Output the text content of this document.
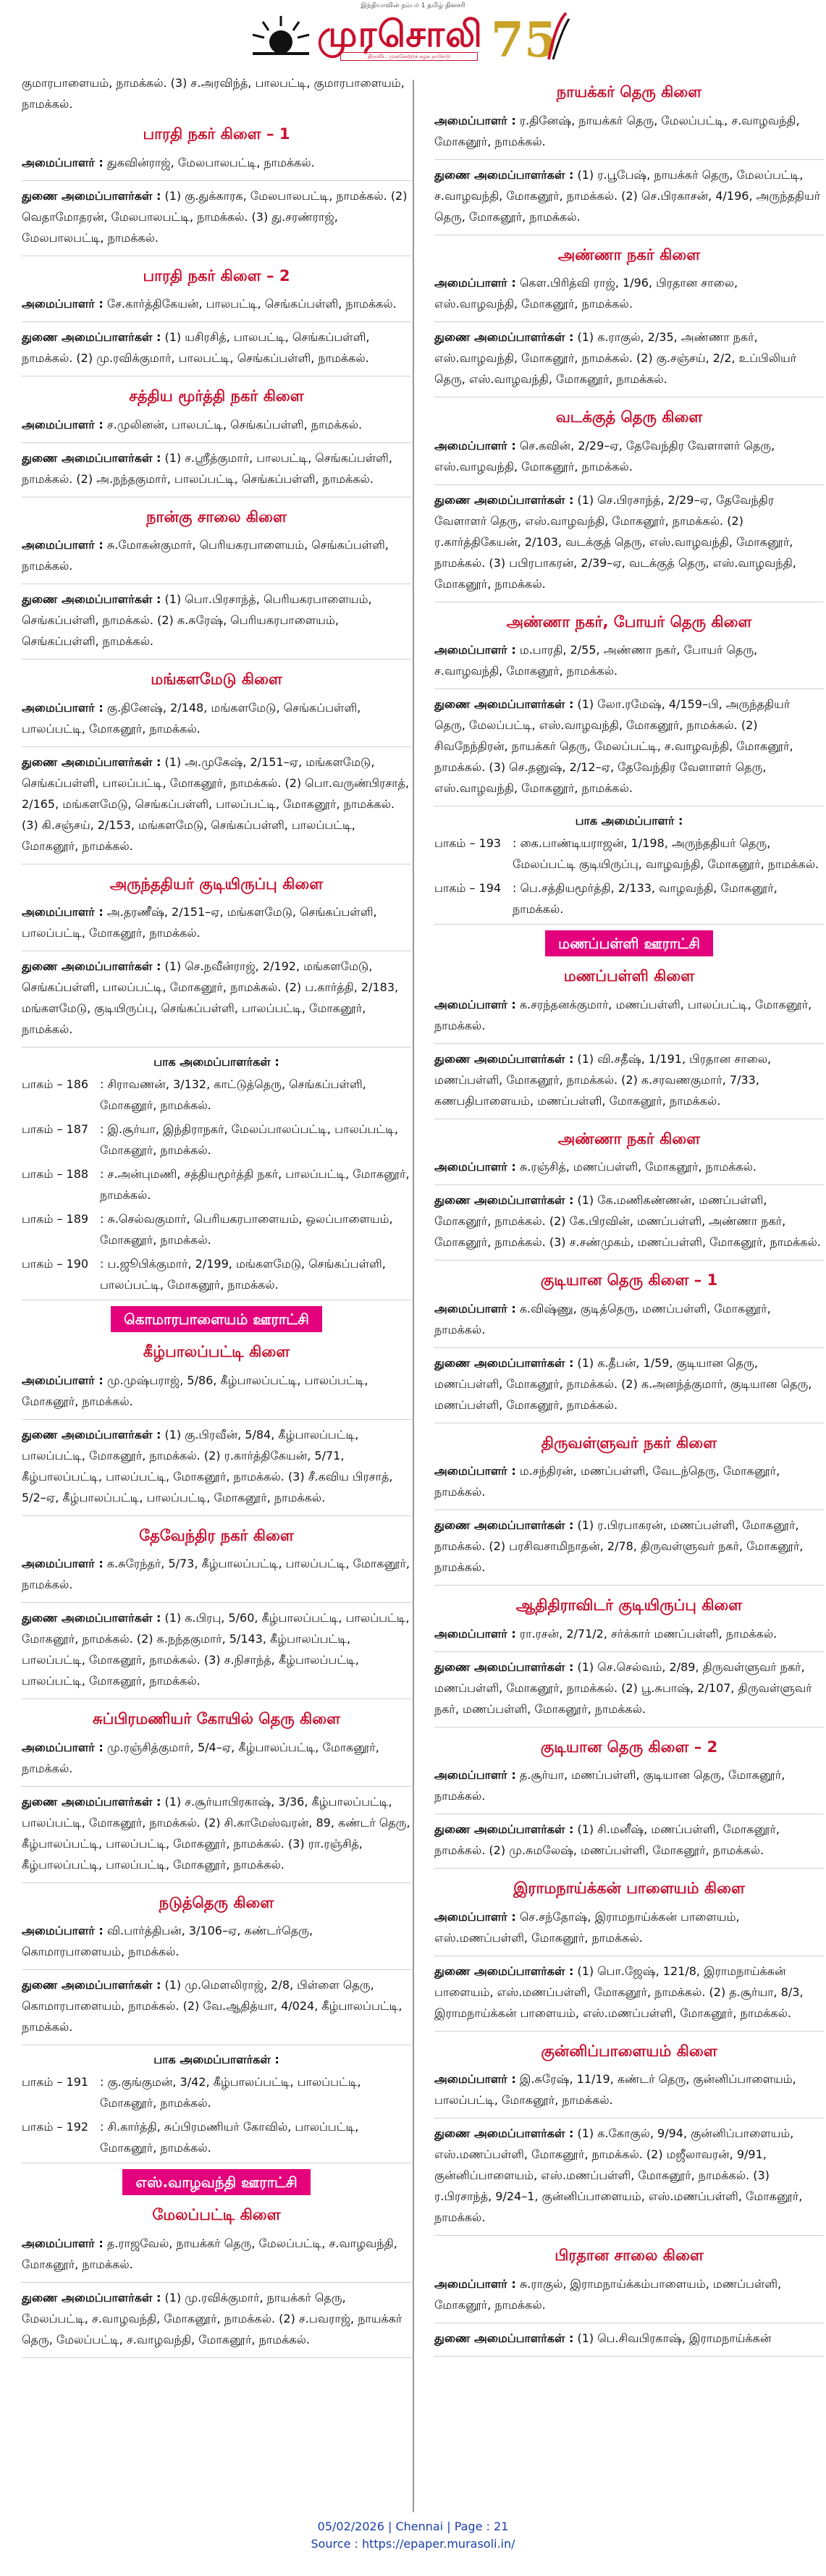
இந்தியாவின் நம்பர் 1 தமிழ் தினசரி
முரசொலி
திராவிட முன்னேற்றக் கழக நாளேடு 75
குமாரபாளையம், நாமக்கல். (3) ச.அரவிந்த், பாலபட்டி, குமாரபாளையம், நாமக்கல்.
பாரதி நகர் கிளை – 1
அமைப்பாளர் : துகவின்ராஜ், மேலபாலபட்டி, நாமக்கல்.
துணை அமைப்பாளர்கள் : (1) கு.துக்காரக, மேலபாலபட்டி, நாமக்கல். (2) வெதாமோதரன், மேலபாலபட்டி, நாமக்கல். (3) து.சரண்ராஜ், மேலபாலபட்டி, நாமக்கல்.
பாரதி நகர் கிளை – 2
அமைப்பாளர் : சே.கார்த்திகேயன், பாலபட்டி, செங்கப்பள்ளி, நாமக்கல்.
துணை அமைப்பாளர்கள் : (1) யசிரசித், பாலபட்டி, செங்கப்பள்ளி, நாமக்கல். (2) மு.ரவிக்குமார், பாலபட்டி, செங்கப்பள்ளி, நாமக்கல்.
சத்திய மூர்த்தி நகர் கிளை
அமைப்பாளர் : ச.முலினன், பாலபட்டி, செங்கப்பள்ளி, நாமக்கல்.
துணை அமைப்பாளர்கள் : (1) ச.ஸ்ரீத்குமார், பாலபட்டி, செங்கப்பள்ளி, நாமக்கல். (2) அ.நந்தகுமார், பாலப்பட்டி, செங்கப்பள்ளி, நாமக்கல்.
நான்கு சாலை கிளை
அமைப்பாளர் : சு.மோகன்குமார், பெரியகரபாளையம், செங்கப்பள்ளி, நாமக்கல்.
துணை அமைப்பாளர்கள் : (1) பொ.பிரசாந்த், பெரியகரபாளையம், செங்கப்பள்ளி, நாமக்கல். (2) க.சுரேஷ், பெரியகரபாளையம், செங்கப்பள்ளி, நாமக்கல்.
மங்களமேடு கிளை
அமைப்பாளர் : கு.தினேஷ், 2/148, மங்களமேடு, செங்கப்பள்ளி, பாலப்பட்டி, மோகனூர், நாமக்கல்.
துணை அமைப்பாளர்கள் : (1) அ.முகேஷ், 2/151–ஏ, மங்களமேடு, செங்கப்பள்ளி, பாலப்பட்டி, மோகனூர், நாமக்கல். (2) பொ.வருண்பிரசாத், 2/165, மங்களமேடு, செங்கப்பள்ளி, பாலப்பட்டி, மோகனூர், நாமக்கல். (3) கி.சஞ்சய், 2/153, மங்களமேடு, செங்கப்பள்ளி, பாலப்பட்டி, மோகனூர், நாமக்கல்.
அருந்ததியர் குடியிருப்பு கிளை
அமைப்பாளர் : அ.தரணீஷ், 2/151–ஏ, மங்களமேடு, செங்கப்பள்ளி, பாலப்பட்டி, மோகனூர், நாமக்கல்.
துணை அமைப்பாளர்கள் : (1) செ.நவீன்ராஜ், 2/192, மங்களமேடு, செங்கப்பள்ளி, பாலப்பட்டி, மோகனூர், நாமக்கல். (2) ப.கார்த்தி, 2/183, மங்களமேடு, குடியிருப்பு, செங்கப்பள்ளி, பாலப்பட்டி, மோகனூர், நாமக்கல்.
பாக அமைப்பாளர்கள் :
பாகம் – 186 : சிராவணன், 3/132, காட்டுத்தெரு, செங்கப்பள்ளி, மோகனூர், நாமக்கல்.
பாகம் – 187 : இ.சூர்யா, இந்திராநகர், மேலப்பாலப்பட்டி, பாலப்பட்டி, மோகனூர், நாமக்கல்.
பாகம் – 188 : ச.அன்புமணி, சத்தியமூர்த்தி நகர், பாலப்பட்டி, மோகனூர், நாமக்கல்.
பாகம் – 189 : சு.செல்வகுமார், பெரியகரபாளையம், ஒலப்பாளையம், மோகனூர், நாமக்கல்.
பாகம் – 190 : ப.ஜூபிக்குமார், 2/199, மங்களமேடு, செங்கப்பள்ளி, பாலப்பட்டி, மோகனூர், நாமக்கல்.
கொமாரபாளையம் ஊராட்சி
கீழ்பாலப்பட்டி கிளை
அமைப்பாளர் : மு.முஷ்பராஜ், 5/86, கீழ்பாலப்பட்டி, பாலப்பட்டி, மோகனூர், நாமக்கல்.
துணை அமைப்பாளர்கள் : (1) கு.பிரவீன், 5/84, கீழ்பாலப்பட்டி, பாலப்பட்டி, மோகனூர், நாமக்கல். (2) ர.கார்த்திகேயன், 5/71, கீழ்பாலப்பட்டி, பாலப்பட்டி, மோகனூர், நாமக்கல். (3) சீ.கவிய பிரசாத், 5/2–ஏ, கீழ்பாலப்பட்டி, பாலப்பட்டி, மோகனூர், நாமக்கல்.
தேவேந்திர நகர் கிளை
அமைப்பாளர் : க.சுரேந்தர், 5/73, கீழ்பாலப்பட்டி, பாலப்பட்டி, மோகனூர், நாமக்கல்.
துணை அமைப்பாளர்கள் : (1) க.பிரபு, 5/60, கீழ்பாலப்பட்டி, பாலப்பட்டி, மோகனூர், நாமக்கல். (2) க.நந்தகுமார், 5/143, கீழ்பாலப்பட்டி, பாலப்பட்டி, மோகனூர், நாமக்கல். (3) ச.நிசாந்த், கீழ்பாலப்பட்டி, பாலப்பட்டி, மோகனூர், நாமக்கல்.
சுப்பிரமணியர் கோயில் தெரு கிளை
அமைப்பாளர் : மு.ரஞ்சித்குமார், 5/4–ஏ, கீழ்பாலப்பட்டி, மோகனூர், நாமக்கல்.
துணை அமைப்பாளர்கள் : (1) ச.சூர்யாபிரகாஷ், 3/36, கீழ்பாலப்பட்டி, பாலப்பட்டி, மோகனூர், நாமக்கல். (2) சி.காமேஸ்வரன், 89, கண்டர் தெரு, கீழ்பாலப்பட்டி, பாலப்பட்டி, மோகனூர், நாமக்கல். (3) ரா.ரஞ்சித், கீழ்பாலப்பட்டி, பாலப்பட்டி, மோகனூர், நாமக்கல்.
நடுத்தெரு கிளை
அமைப்பாளர் : வி.பார்த்திபன், 3/106–ஏ, கண்டர்தெரு, கொமாரபாளையம், நாமக்கல்.
துணை அமைப்பாளர்கள் : (1) மு.மௌலிராஜ், 2/8, பிள்ளை தெரு, கொமாரபாளையம், நாமக்கல். (2) வே.ஆதித்யா, 4/024, கீழ்பாலப்பட்டி, நாமக்கல்.
பாக அமைப்பாளர்கள் :
பாகம் – 191 : கு.குங்குமன், 3/42, கீழ்பாலப்பட்டி, பாலப்பட்டி, மோகனூர், நாமக்கல்.
பாகம் – 192 : சி.கார்த்தி, சுப்பிரமணியர் கோவில், பாலப்பட்டி, மோகனூர், நாமக்கல்.
எஸ்.வாழவந்தி ஊராட்சி
மேலப்பட்டி கிளை
அமைப்பாளர் : த.ராஜவேல், நாயக்கர் தெரு, மேலப்பட்டி, ச.வாழவந்தி, மோகனூர், நாமக்கல்.
துணை அமைப்பாளர்கள் : (1) மு.ரவிக்குமார், நாயக்கர் தெரு, மேலப்பட்டி, ச.வாழவந்தி, மோகனூர், நாமக்கல். (2) ச.பவராஜ், நாயக்கர் தெரு, மேலப்பட்டி, ச.வாழவந்தி, மோகனூர், நாமக்கல்.
நாயக்கர் தெரு கிளை
அமைப்பாளர் : ர.தினேஷ், நாயக்கர் தெரு, மேலப்பட்டி, ச.வாழவந்தி, மோகனூர், நாமக்கல்.
துணை அமைப்பாளர்கள் : (1) ர.பூபேஷ், நாயக்கர் தெரு, மேலப்பட்டி, ச.வாழவந்தி, மோகனூர், நாமக்கல். (2) செ.பிரகாசன், 4/196, அருந்ததியர் தெரு, மோகனூர், நாமக்கல்.
அண்ணா நகர் கிளை
அமைப்பாளர் : கௌ.பிரித்வி ராஜ், 1/96, பிரதான சாலை, எஸ்.வாழவந்தி, மோகனூர், நாமக்கல்.
துணை அமைப்பாளர்கள் : (1) க.ராகுல், 2/35, அண்ணா நகர், எஸ்.வாழவந்தி, மோகனூர், நாமக்கல். (2) கு.சஞ்சய், 2/2, உப்பிலியர் தெரு, எஸ்.வாழவந்தி, மோகனூர், நாமக்கல்.
வடக்குத் தெரு கிளை
அமைப்பாளர் : செ.கவின், 2/29–ஏ, தேவேந்திர வேளாளர் தெரு, எஸ்.வாழவந்தி, மோகனூர், நாமக்கல்.
துணை அமைப்பாளர்கள் : (1) செ.பிரசாந்த், 2/29–ஏ, தேவேந்திர வேளாளர் தெரு, எஸ்.வாழவந்தி, மோகனூர், நாமக்கல். (2) ர.கார்த்திகேயன், 2/103, வடக்குத் தெரு, எஸ்.வாழவந்தி, மோகனூர், நாமக்கல். (3) பபிரபாகரன், 2/39–ஏ, வடக்குத் தெரு, எஸ்.வாழவந்தி, மோகனூர், நாமக்கல்.
அண்ணா நகர், போயர் தெரு கிளை
அமைப்பாளர் : ம.பாரதி, 2/55, அண்ணா நகர், போயர் தெரு, ச.வாழவந்தி, மோகனூர், நாமக்கல்.
துணை அமைப்பாளர்கள் : (1) லோ.ரமேஷ், 4/159–பி, அருந்ததியர் தெரு, மேலப்பட்டி, எஸ்.வாழவந்தி, மோகனூர், நாமக்கல். (2) சிவநேந்திரன், நாயக்கர் தெரு, மேலப்பட்டி, ச.வாழவந்தி, மோகனூர், நாமக்கல். (3) செ.தனுஷ், 2/12–ஏ, தேவேந்திர வேளாளர் தெரு, எஸ்.வாழவந்தி, மோகனூர், நாமக்கல்.
பாக அமைப்பாளர் :
பாகம் – 193 : கை.பாண்டியராஜன், 1/198, அருந்ததியர் தெரு, மேலப்பட்டி குடியிருப்பு, வாழவந்தி, மோகனூர், நாமக்கல்.
பாகம் – 194 : பெ.சத்தியமூர்த்தி, 2/133, வாழவந்தி, மோகனூர், நாமக்கல்.
மணப்பள்ளி ஊராட்சி
மணப்பள்ளி கிளை
அமைப்பாளர் : க.சரந்தனக்குமார், மணப்பள்ளி, பாலப்பட்டி, மோகனூர், நாமக்கல்.
துணை அமைப்பாளர்கள் : (1) வி.சதீஷ், 1/191, பிரதான சாலை, மணப்பள்ளி, மோகனூர், நாமக்கல். (2) க.சரவணகுமார், 7/33, கணபதிபாளையம், மணப்பள்ளி, மோகனூர், நாமக்கல்.
அண்ணா நகர் கிளை
அமைப்பாளர் : சு.ரஞ்சித், மணப்பள்ளி, மோகனூர், நாமக்கல்.
துணை அமைப்பாளர்கள் : (1) கே.மணிகண்ணன், மணப்பள்ளி, மோகனூர், நாமக்கல். (2) கே.பிரவின், மணப்பள்ளி, அண்ணா நகர், மோகனூர், நாமக்கல். (3) ச.சண்முகம், மணப்பள்ளி, மோகனூர், நாமக்கல்.
குடியான தெரு கிளை – 1
அமைப்பாளர் : க.விஷ்ணு, குடித்தெரு, மணப்பள்ளி, மோகனூர், நாமக்கல்.
துணை அமைப்பாளர்கள் : (1) க.தீபன், 1/59, குடியான தெரு, மணப்பள்ளி, மோகனூர், நாமக்கல். (2) க.அனந்த்குமார், குடியான தெரு, மணப்பள்ளி, மோகனூர், நாமக்கல்.
திருவள்ளுவர் நகர் கிளை
அமைப்பாளர் : ம.சந்திரன், மணப்பள்ளி, வேடந்தெரு, மோகனூர், நாமக்கல்.
துணை அமைப்பாளர்கள் : (1) ர.பிரபாகரன், மணப்பள்ளி, மோகனூர், நாமக்கல். (2) பரசிவசாமிநாதன், 2/78, திருவள்ளுவர் நகர், மோகனூர், நாமக்கல்.
ஆதிதிராவிடர் குடியிருப்பு கிளை
அமைப்பாளர் : ரா.ரசன், 2/71/2, சர்க்கார் மணப்பள்ளி, நாமக்கல்.
துணை அமைப்பாளர்கள் : (1) செ.செல்வம், 2/89, திருவள்ளுவர் நகர், மணப்பள்ளி, மோகனூர், நாமக்கல். (2) பூ.சுபாஷ், 2/107, திருவள்ளுவர் நகர், மணப்பள்ளி, மோகனூர், நாமக்கல்.
குடியான தெரு கிளை – 2
அமைப்பாளர் : த.சூர்யா, மணப்பள்ளி, குடியான தெரு, மோகனூர், நாமக்கல்.
துணை அமைப்பாளர்கள் : (1) சி.மனீஷ், மணப்பள்ளி, மோகனூர், நாமக்கல். (2) மு.சுமலேஷ், மணப்பள்ளி, மோகனூர், நாமக்கல்.
இராமநாய்க்கன் பாளையம் கிளை
அமைப்பாளர் : செ.சந்தோஷ், இராமநாய்க்கன் பாளையம், எஸ்.மணப்பள்ளி, மோகனூர், நாமக்கல்.
துணை அமைப்பாளர்கள் : (1) பொ.ஜேஷ், 121/8, இராமநாய்க்கன் பாளையம், எஸ்.மணப்பள்ளி, மோகனூர், நாமக்கல். (2) த.சூர்யா, 8/3, இராமநாய்க்கன் பாளையம், எஸ்.மணப்பள்ளி, மோகனூர், நாமக்கல்.
குன்னிப்பாளையம் கிளை
அமைப்பாளர் : இ.சுரேஷ், 11/19, கண்டர் தெரு, குன்னிப்பாளையம், பாலப்பட்டி, மோகனூர், நாமக்கல்.
துணை அமைப்பாளர்கள் : (1) க.கோகுல், 9/94, குன்னிப்பாளையம், எஸ்.மணப்பள்ளி, மோகனூர், நாமக்கல். (2) மஜீலாவரன், 9/91, குன்னிப்பாளையம், எஸ்.மணப்பள்ளி, மோகனூர், நாமக்கல். (3) ர.பிரசாந்த், 9/24–1, குன்னிப்பாளையம், எஸ்.மணப்பள்ளி, மோகனூர், நாமக்கல்.
பிரதான சாலை கிளை
அமைப்பாளர் : சு.ராகுல், இராமநாய்க்கம்பாளையம், மணப்பள்ளி, மோகனூர், நாமக்கல்.
துணை அமைப்பாளர்கள் : (1) பெ.சிவபிரகாஷ், இராமநாய்க்கன்
05/02/2026 | Chennai | Page : 21
Source : https://epaper.murasoli.in/
